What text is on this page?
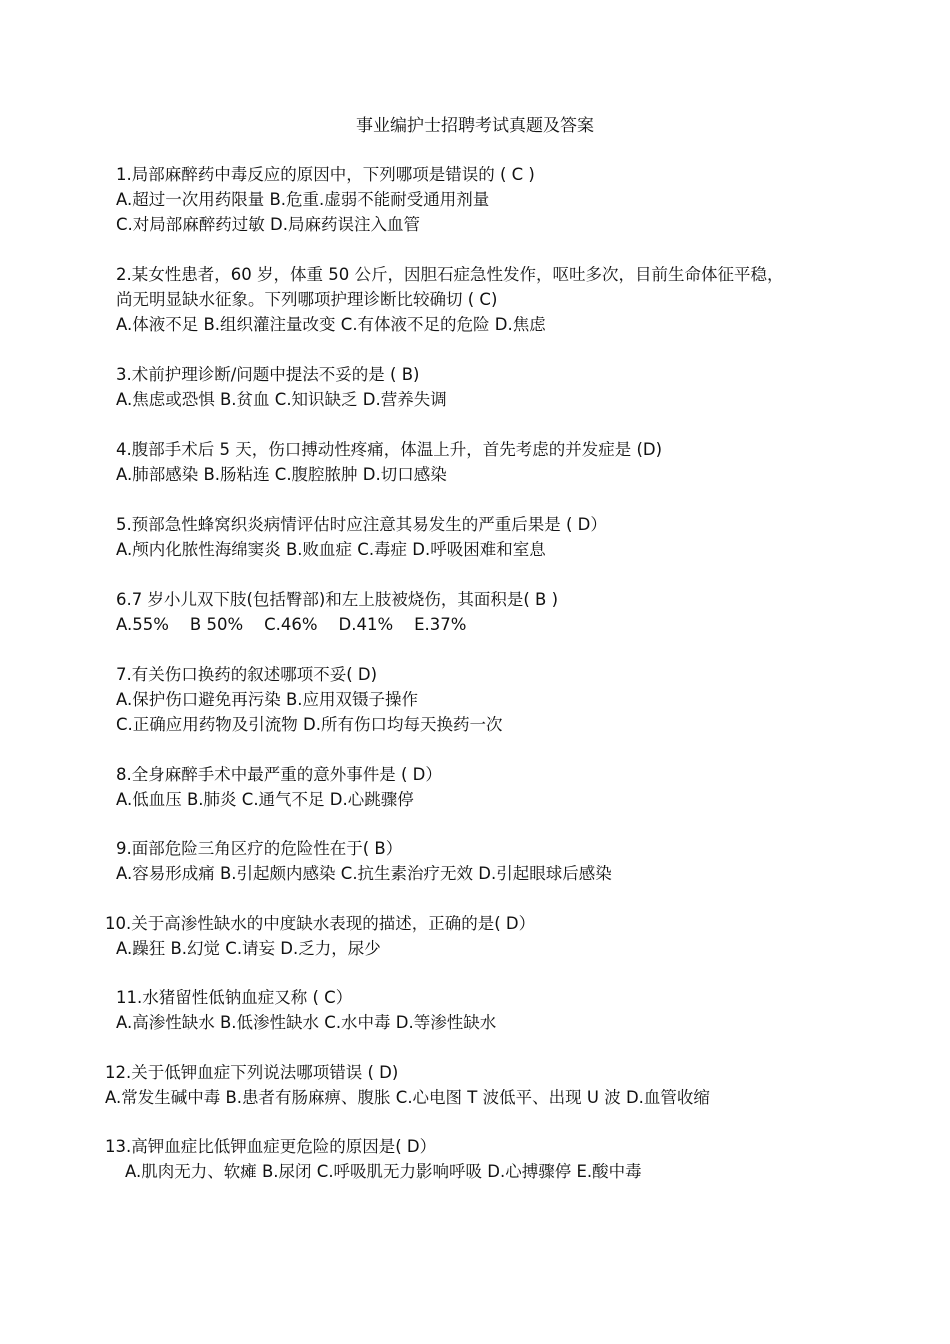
事业编护士招聘考试真题及答案
1.局部麻醉药中毒反应的原因中，下列哪项是错误的 ( C )
A.超过一次用药限量 B.危重.虚弱不能耐受通用剂量
C.对局部麻醉药过敏 D.局麻药误注入血管
2.某女性患者，60 岁，体重 50 公斤，因胆石症急性发作，呕吐多次，目前生命体征平稳，
尚无明显缺水征象。下列哪项护理诊断比较确切 ( C)
A.体液不足 B.组织灌注量改变 C.有体液不足的危险 D.焦虑
3.术前护理诊断/问题中提法不妥的是 ( B)
A.焦虑或恐惧 B.贫血 C.知识缺乏 D.营养失调
4.腹部手术后 5 天，伤口搏动性疼痛，体温上升，首先考虑的并发症是 (D)
A.肺部感染 B.肠粘连 C.腹腔脓肿 D.切口感染
5.预部急性蜂窝织炎病情评估时应注意其易发生的严重后果是 ( D）
A.颅内化脓性海绵窦炎 B.败血症 C.毒症 D.呼吸困难和室息
6.7 岁小儿双下肢(包括臀部)和左上肢被烧伤，其面积是( B )
A.55%    B 50%    C.46%    D.41%    E.37%
7.有关伤口换药的叙述哪项不妥( D)
A.保护伤口避免再污染 B.应用双镊子操作
C.正确应用药物及引流物 D.所有伤口均每天换药一次
8.全身麻醉手术中最严重的意外事件是 ( D）
A.低血压 B.肺炎 C.通气不足 D.心跳骤停
9.面部危险三角区疗的危险性在于( B）
A.容易形成痛 B.引起颇内感染 C.抗生素治疗无效 D.引起眼球后感染
10.关于高渗性缺水的中度缺水表现的描述，正确的是( D）
A.躁狂 B.幻觉 C.请妄 D.乏力，尿少
11.水猪留性低钠血症又称 ( C）
A.高渗性缺水 B.低渗性缺水 C.水中毒 D.等渗性缺水
12.关于低钾血症下列说法哪项错误 ( D)
A.常发生碱中毒 B.患者有肠麻痹、腹胀 C.心电图 T 波低平、出现 U 波 D.血管收缩
13.高钾血症比低钾血症更危险的原因是( D）
A.肌肉无力、软瘫 B.尿闭 C.呼吸肌无力影响呼吸 D.心搏骤停 E.酸中毒
